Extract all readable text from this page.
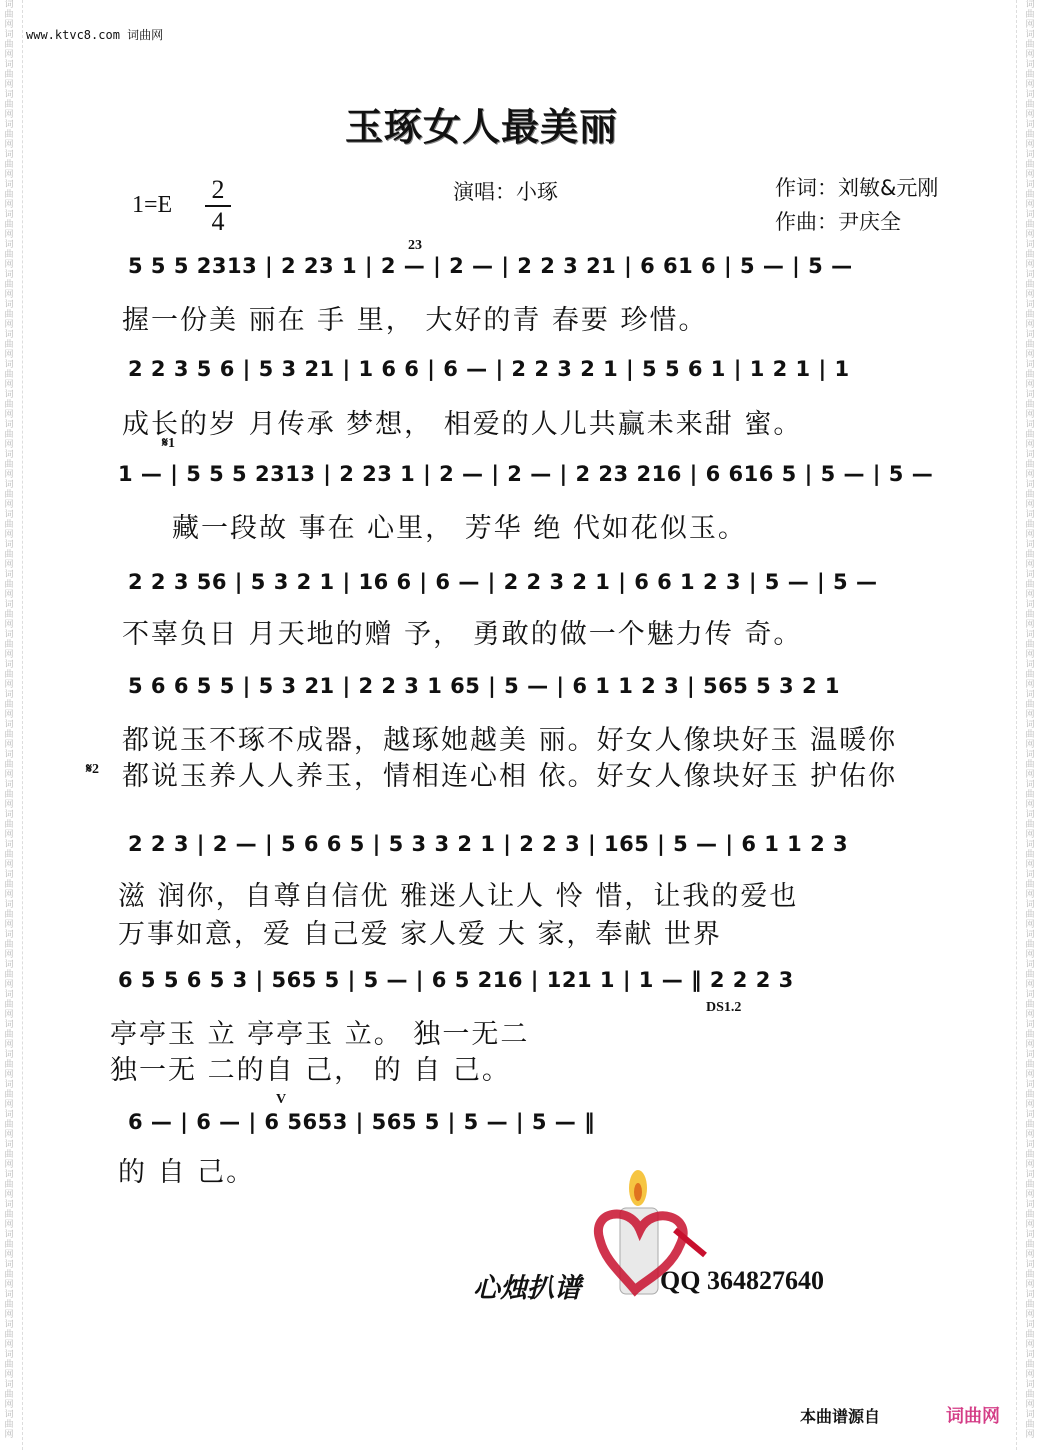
词曲网词曲网词曲网词曲网词曲网词曲网词曲网词曲网词曲网词曲网词曲网词曲网词曲网词曲网词曲网词曲网词曲网词曲网词曲网词曲网词曲网词曲网词曲网词曲网词曲网词曲网词曲网词曲网词曲网词曲网词曲网词曲网词曲网词曲网词曲网词曲网词曲网词曲网词曲网词曲网词曲网词曲网词曲网词曲网词曲网词曲网词曲网词曲网
词曲网词曲网词曲网词曲网词曲网词曲网词曲网词曲网词曲网词曲网词曲网词曲网词曲网词曲网词曲网词曲网词曲网词曲网词曲网词曲网词曲网词曲网词曲网词曲网词曲网词曲网词曲网词曲网词曲网词曲网词曲网词曲网词曲网词曲网词曲网词曲网词曲网词曲网词曲网词曲网词曲网词曲网词曲网词曲网词曲网词曲网词曲网词曲网
www.ktvc8.com 词曲网
玉琢女人最美丽
1=E
2
4
演唱：小琢	作词：刘敏&元刚
作曲：尹庆全
5 5 5 2313 | 2 23 1 | 2 — | 2 — | 2 2 3 21 | 6 61 6 | 5 — | 5 —
23
握一份美 丽在 手 里， 大好的青 春要 珍惜。
2 2 3 5 6 | 5 3 21 | 1 6 6 | 6 — | 2 2 3 2 1 | 5 5 6 1 | 1 2 1 | 1
成长的岁 月传承 梦想， 相爱的人儿共赢未来甜 蜜。
𝄋1
1 — | 5 5 5 2313 | 2 23 1 | 2 — | 2 — | 2 23 216 | 6 616 5 | 5 — | 5 —
藏一段故 事在 心里， 芳华 绝 代如花似玉。
2 2 3 56 | 5 3 2 1 | 16 6 | 6 — | 2 2 3 2 1 | 6 6 1 2 3 | 5 — | 5 —
不辜负日 月天地的赠 予， 勇敢的做一个魅力传 奇。
5 6 6 5 5 | 5 3 21 | 2 2 3 1 65 | 5 — | 6 1 1 2 3 | 565 5 3 2 1
都说玉不琢不成器，越琢她越美 丽。好女人像块好玉 温暖你
𝄋2 都说玉养人人养玉，情相连心相 依。好女人像块好玉 护佑你
2 2 3 | 2 — | 5 6 6 5 | 5 3 3 2 1 | 2 2 3 | 165 | 5 — | 6 1 1 2 3
滋 润你，自尊自信优 雅迷人让人 怜 惜，让我的爱也
万事如意，爱 自己爱 家人爱 大 家，奉献 世界
6 5 5 6 5 3 | 565 5 | 5 — | 6 5 216 | 121 1 | 1 — ‖ 2 2 2 3
DS1.2
亭亭玉 立 亭亭玉 立。 独一无二
独一无 二的自 己， 的 自 己。
V
6 — | 6 — | 6 5653 | 565 5 | 5 — | 5 — ‖
的 自 己。
心烛扒谱	QQ 364827640
本曲谱源自	词曲网
